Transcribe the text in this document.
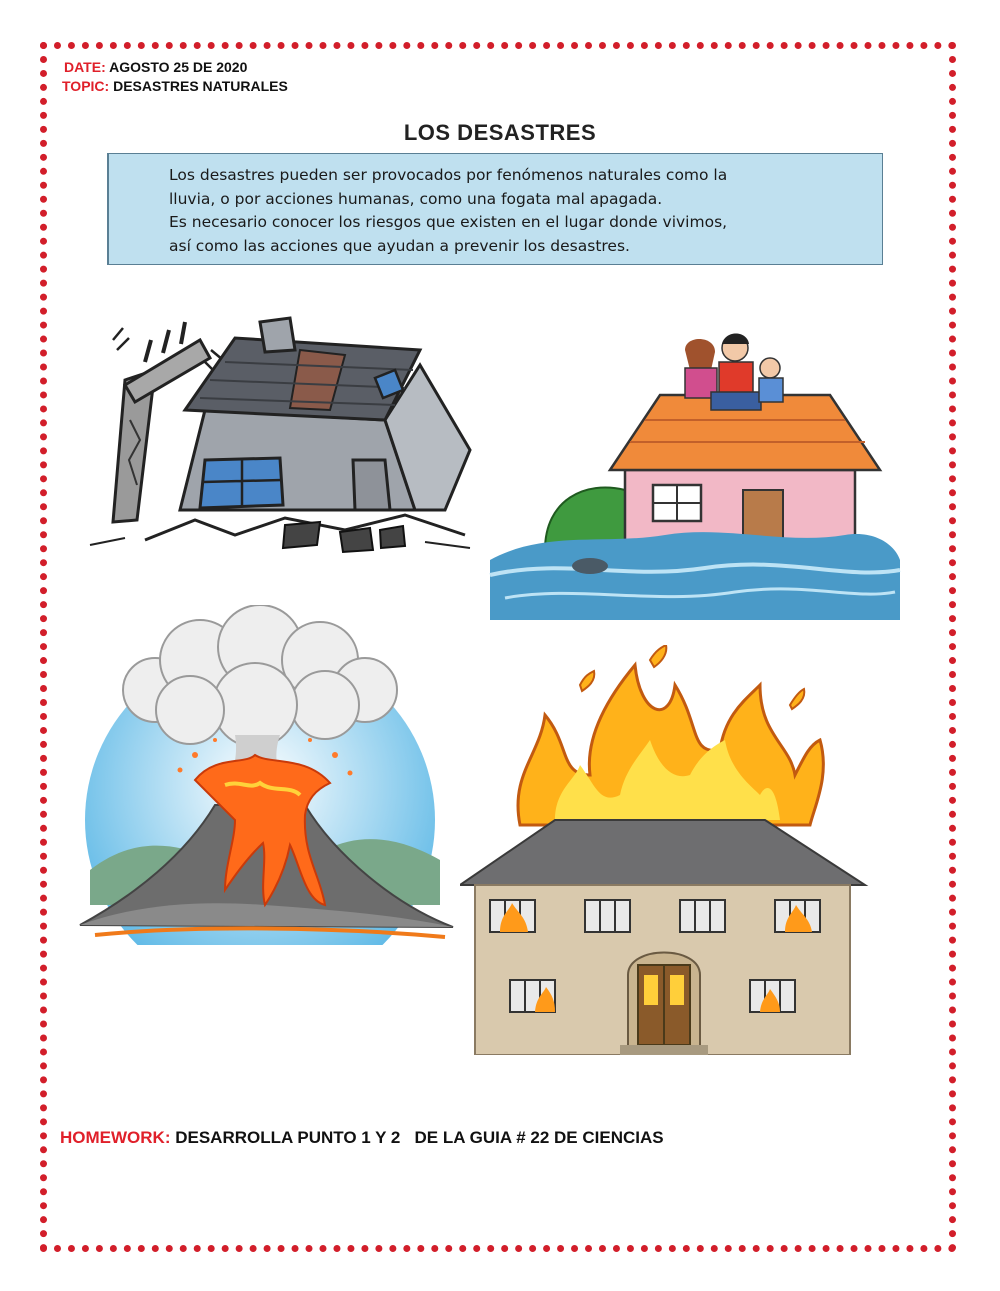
DATE: AGOSTO 25 DE 2020
TOPIC: DESASTRES NATURALES
LOS DESASTRES

Los desastres pueden ser provocados por fenómenos naturales como la

lluvia, o por acciones humanas, como una fogata mal apagada.

Es necesario conocer los riesgos que existen en el lugar donde vivimos,

así como las acciones que ayudan a prevenir los desastres.

HOMEWORK: DESARROLLA PUNTO 1 Y 2   DE LA GUIA # 22 DE CIENCIAS
